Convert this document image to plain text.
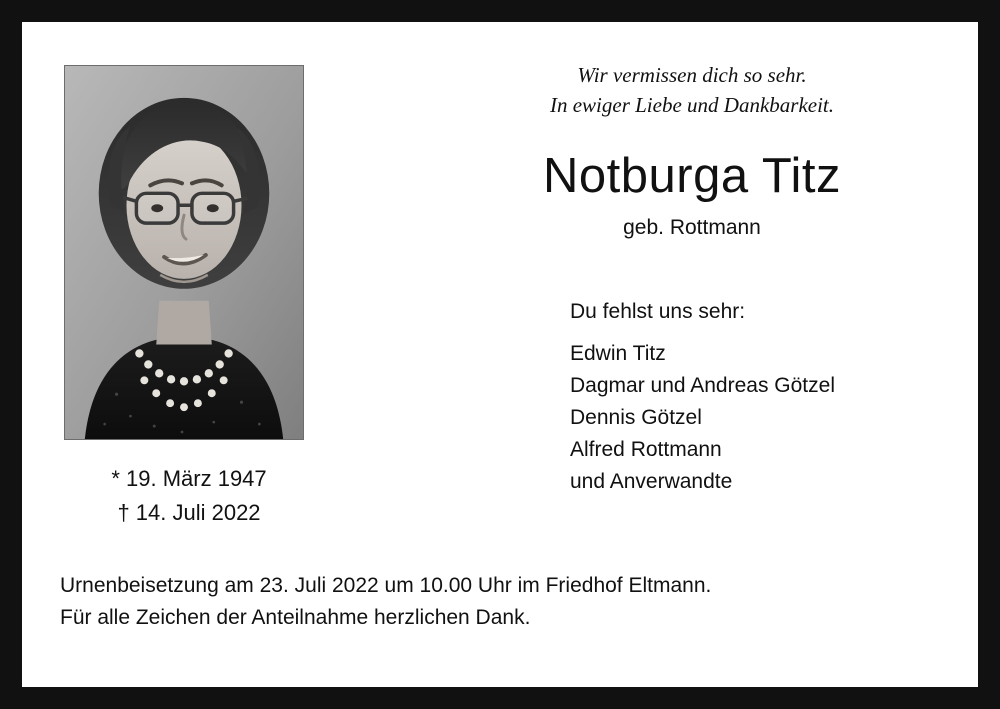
* 19. März 1947
† 14. Juli 2022
Wir vermissen dich so sehr.
In ewiger Liebe und Dankbarkeit.
Notburga Titz
geb. Rottmann
Du fehlst uns sehr:
Edwin Titz
Dagmar und Andreas Götzel
Dennis Götzel
Alfred Rottmann
und Anverwandte
Urnenbeisetzung am 23. Juli 2022 um 10.00 Uhr im Friedhof Eltmann.
Für alle Zeichen der Anteilnahme herzlichen Dank.
